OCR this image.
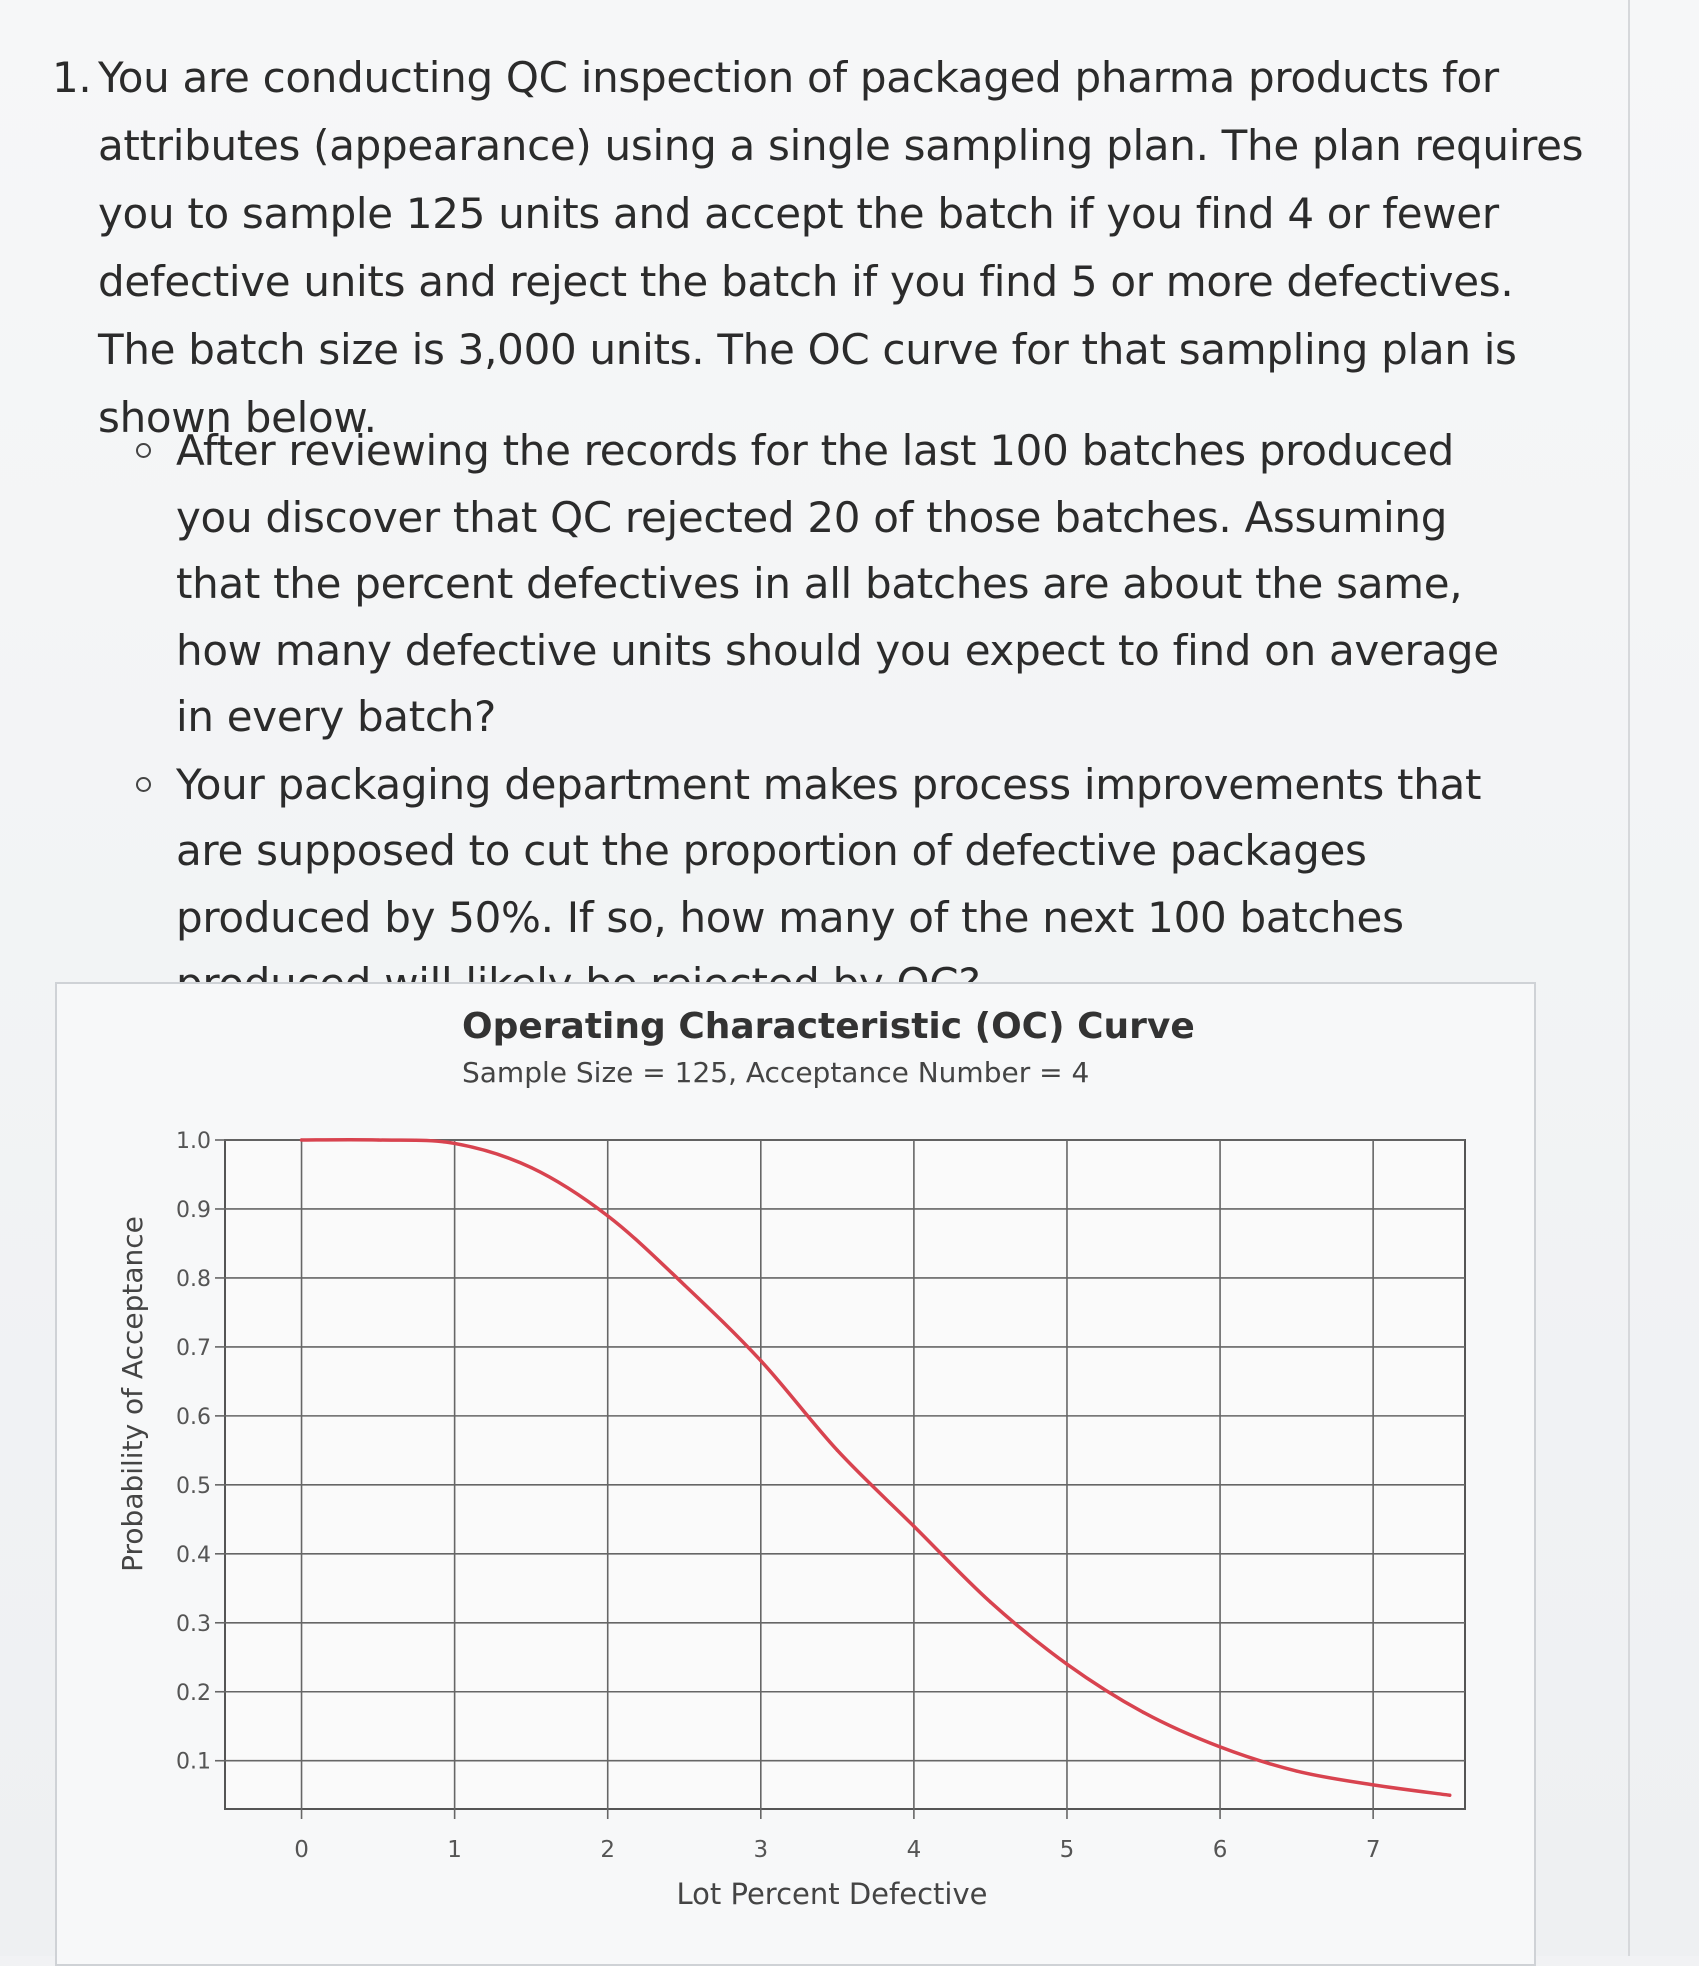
1. You are conducting QC inspection of packaged pharma products for attributes (appearance) using a single sampling plan. The plan requires you to sample 125 units and accept the batch if you find 4 or fewer defective units and reject the batch if you find 5 or more defectives. The batch size is 3,000 units. The OC curve for that sampling plan is shown below.
After reviewing the records for the last 100 batches produced you discover that QC rejected 20 of those batches. Assuming that the percent defectives in all batches are about the same, how many defective units should you expect to find on average in every batch?
Your packaging department makes process improvements that are supposed to cut the proportion of defective packages produced by 50%. If so, how many of the next 100 batches
Operating Characteristic (OC) Curve
Sample Size = 125, Acceptance Number = 4
Probability of Acceptance
Lot Percent Defective
0	1	2	3	4	5	6	7
1.0
0.9
0.8
0.7
0.6
0.5
0.4
0.3
0.2
0.1
